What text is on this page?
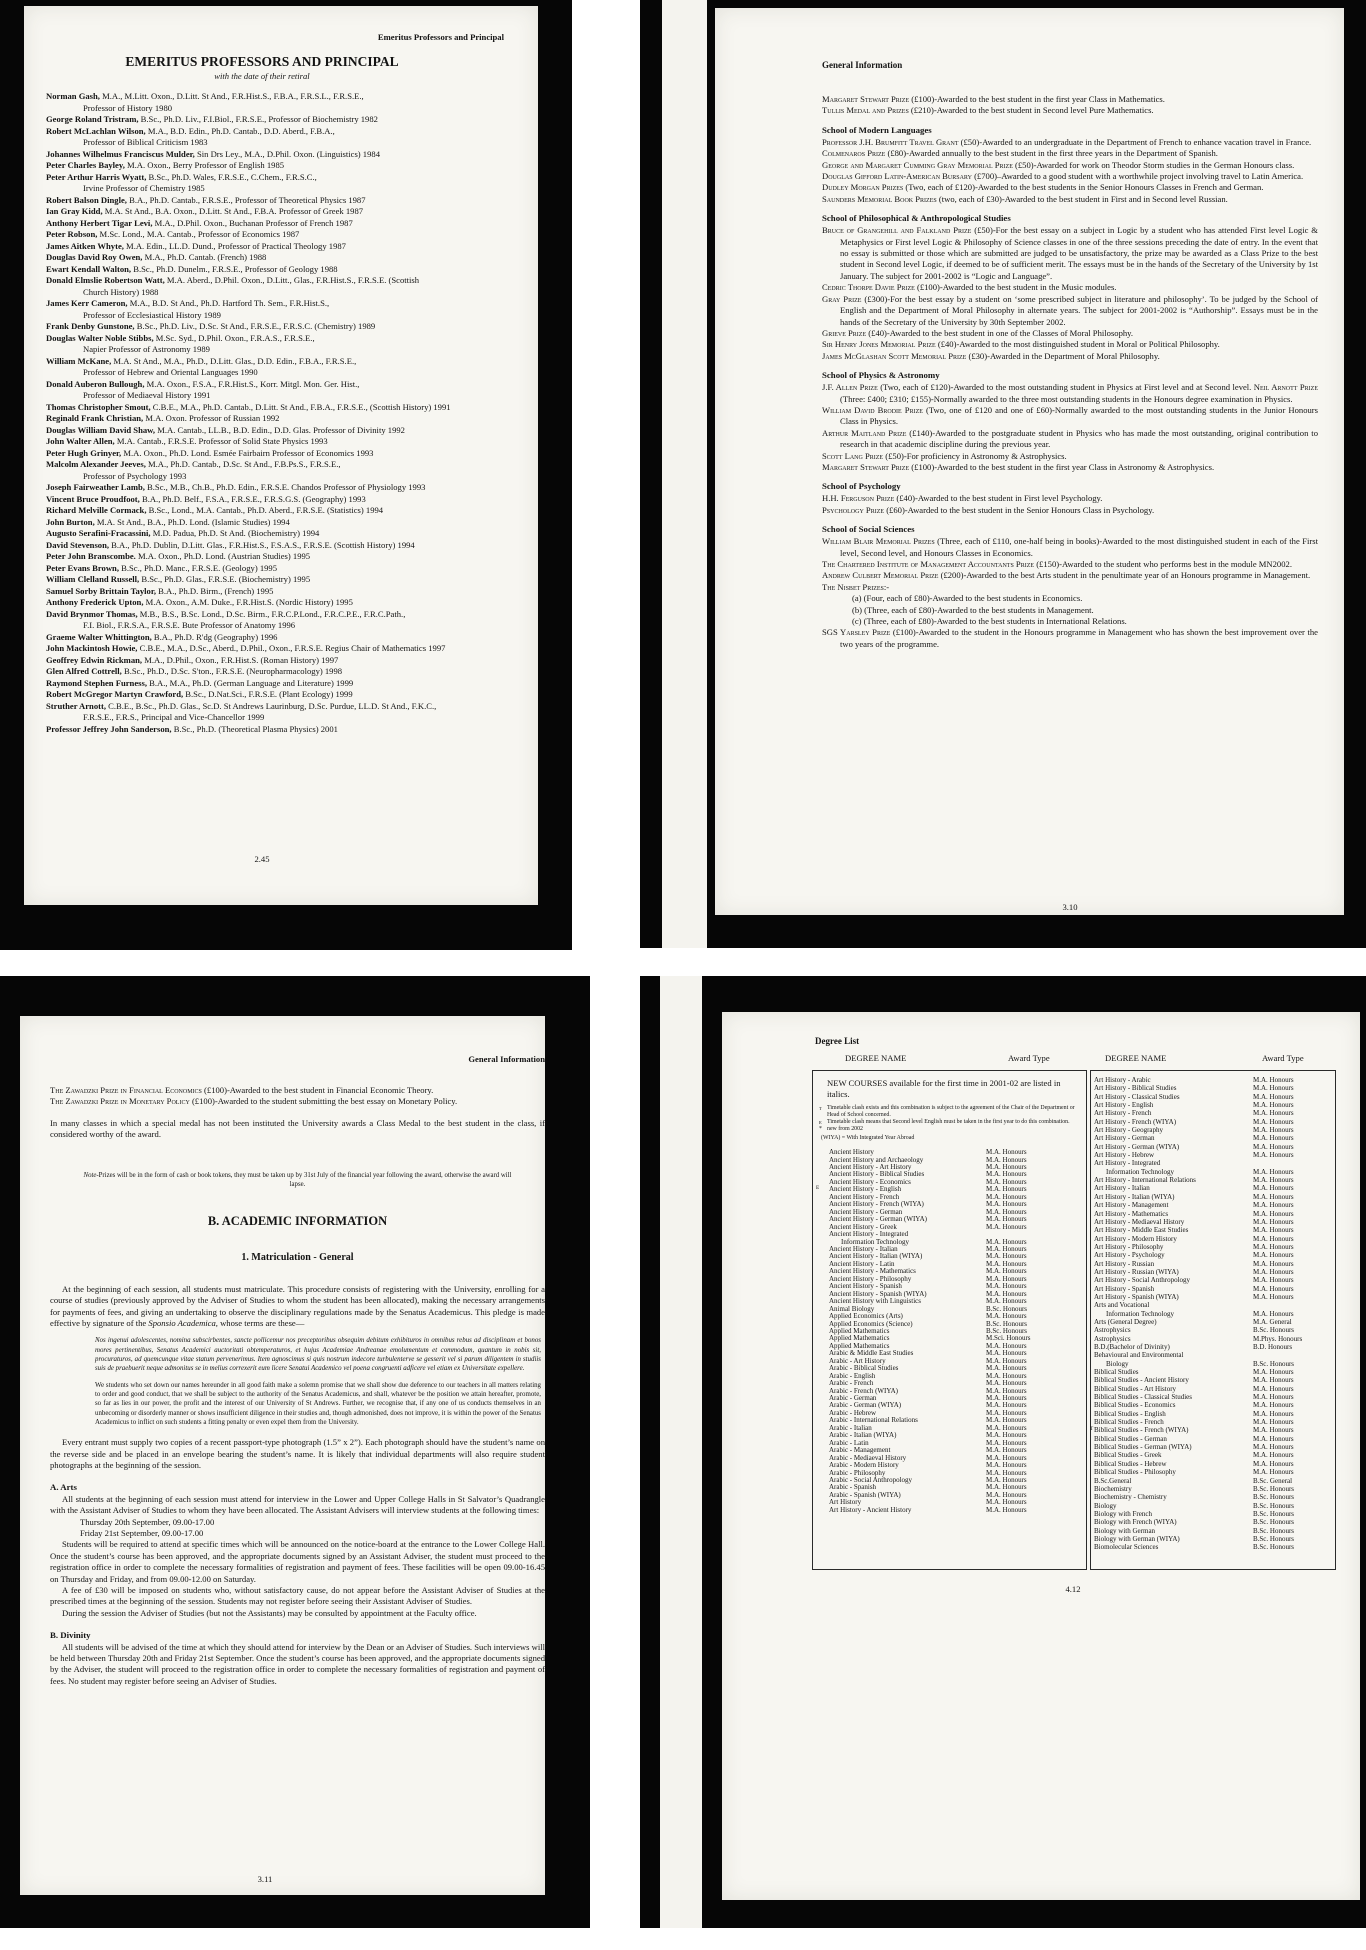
Emeritus Professors and Principal
EMERITUS PROFESSORS AND PRINCIPAL
with the date of their retiral
Norman Gash, M.A., M.Litt. Oxon., D.Litt. St And., F.R.Hist.S., F.B.A., F.R.S.L., F.R.S.E.,
Professor of History 1980
George Roland Tristram, B.Sc., Ph.D. Liv., F.I.Biol., F.R.S.E., Professor of Biochemistry 1982
Robert McLachlan Wilson, M.A., B.D. Edin., Ph.D. Cantab., D.D. Aberd., F.B.A.,
Professor of Biblical Criticism 1983
Johannes Wilhelmus Franciscus Mulder, Sin Drs Ley., M.A., D.Phil. Oxon. (Linguistics) 1984
Peter Charles Bayley, M.A. Oxon., Berry Professor of English 1985
Peter Arthur Harris Wyatt, B.Sc., Ph.D. Wales, F.R.S.E., C.Chem., F.R.S.C.,
Irvine Professor of Chemistry 1985
Robert Balson Dingle, B.A., Ph.D. Cantab., F.R.S.E., Professor of Theoretical Physics 1987
Ian Gray Kidd, M.A. St And., B.A. Oxon., D.Litt. St And., F.B.A. Professor of Greek 1987
Anthony Herbert Tigar Levi, M.A., D.Phil. Oxon., Buchanan Professor of French 1987
Peter Robson, M.Sc. Lond., M.A. Cantab., Professor of Economics 1987
James Aitken Whyte, M.A. Edin., LL.D. Dund., Professor of Practical Theology 1987
Douglas David Roy Owen, M.A., Ph.D. Cantab. (French) 1988
Ewart Kendall Walton, B.Sc., Ph.D. Dunelm., F.R.S.E., Professor of Geology 1988
Donald Elmslie Robertson Watt, M.A. Aberd., D.Phil. Oxon., D.Litt., Glas., F.R.Hist.S., F.R.S.E. (Scottish
Church History) 1988
James Kerr Cameron, M.A., B.D. St And., Ph.D. Hartford Th. Sem., F.R.Hist.S.,
Professor of Ecclesiastical History 1989
Frank Denby Gunstone, B.Sc., Ph.D. Liv., D.Sc. St And., F.R.S.E., F.R.S.C. (Chemistry) 1989
Douglas Walter Noble Stibbs, M.Sc. Syd., D.Phil. Oxon., F.R.A.S., F.R.S.E.,
Napier Professor of Astronomy 1989
William McKane, M.A. St And., M.A., Ph.D., D.Litt. Glas., D.D. Edin., F.B.A., F.R.S.E.,
Professor of Hebrew and Oriental Languages 1990
Donald Auberon Bullough, M.A. Oxon., F.S.A., F.R.Hist.S., Korr. Mitgl. Mon. Ger. Hist.,
Professor of Mediaeval History 1991
Thomas Christopher Smout, C.B.E., M.A., Ph.D. Cantab., D.Litt. St And., F.B.A., F.R.S.E., (Scottish History) 1991
Reginald Frank Christian, M.A. Oxon. Professor of Russian 1992
Douglas William David Shaw, M.A. Cantab., LL.B., B.D. Edin., D.D. Glas. Professor of Divinity 1992
John Walter Allen, M.A. Cantab., F.R.S.E. Professor of Solid State Physics 1993
Peter Hugh Grinyer, M.A. Oxon., Ph.D. Lond. Esmée Fairbairn Professor of Economics 1993
Malcolm Alexander Jeeves, M.A., Ph.D. Cantab., D.Sc. St And., F.B.Ps.S., F.R.S.E.,
Professor of Psychology 1993
Joseph Fairweather Lamb, B.Sc., M.B., Ch.B., Ph.D. Edin., F.R.S.E. Chandos Professor of Physiology 1993
Vincent Bruce Proudfoot, B.A., Ph.D. Belf., F.S.A., F.R.S.E., F.R.S.G.S. (Geography) 1993
Richard Melville Cormack, B.Sc., Lond., M.A. Cantab., Ph.D. Aberd., F.R.S.E. (Statistics) 1994
John Burton, M.A. St And., B.A., Ph.D. Lond. (Islamic Studies) 1994
Augusto Serafini-Fracassini, M.D. Padua, Ph.D. St And. (Biochemistry) 1994
David Stevenson, B.A., Ph.D. Dublin, D.Litt. Glas., F.R.Hist.S., F.S.A.S., F.R.S.E. (Scottish History) 1994
Peter John Branscombe. M.A. Oxon., Ph.D. Lond. (Austrian Studies) 1995
Peter Evans Brown, B.Sc., Ph.D. Manc., F.R.S.E. (Geology) 1995
William Clelland Russell, B.Sc., Ph.D. Glas., F.R.S.E. (Biochemistry) 1995
Samuel Sorby Brittain Taylor, B.A., Ph.D. Birm., (French) 1995
Anthony Frederick Upton, M.A. Oxon., A.M. Duke., F.R.Hist.S. (Nordic History) 1995
David Brynmor Thomas, M.B., B.S., B.Sc. Lond., D.Sc. Birm., F.R.C.P.Lond., F.R.C.P.E., F.R.C.Path.,
F.I. Biol., F.R.S.A., F.R.S.E. Bute Professor of Anatomy 1996
Graeme Walter Whittington, B.A., Ph.D. R'dg (Geography) 1996
John Mackintosh Howie, C.B.E., M.A., D.Sc., Aberd., D.Phil., Oxon., F.R.S.E. Regius Chair of Mathematics 1997
Geoffrey Edwin Rickman, M.A., D.Phil., Oxon., F.R.Hist.S. (Roman History) 1997
Glen Alfred Cottrell, B.Sc., Ph.D., D.Sc. S'ton., F.R.S.E. (Neuropharmacology) 1998
Raymond Stephen Furness, B.A., M.A., Ph.D. (German Language and Literature) 1999
Robert McGregor Martyn Crawford, B.Sc., D.Nat.Sci., F.R.S.E. (Plant Ecology) 1999
Struther Arnott, C.B.E., B.Sc., Ph.D. Glas., Sc.D. St Andrews Laurinburg, D.Sc. Purdue, LL.D. St And., F.K.C.,
F.R.S.E., F.R.S., Principal and Vice-Chancellor 1999
Professor Jeffrey John Sanderson, B.Sc., Ph.D. (Theoretical Plasma Physics) 2001
2.45
General Information

Margaret Stewart Prize (£100)-Awarded to the best student in the first year Class in Mathematics.

Tullis Medal and Prizes (£210)-Awarded to the best student in Second level Pure Mathematics.

School of Modern Languages

Professor J.H. Brumfitt Travel Grant (£50)-Awarded to an undergraduate in the Department of French to enhance vacation travel in France.

Colmenaros Prize (£80)-Awarded annually to the best student in the first three years in the Department of Spanish.

George and Margaret Cumming Gray Memorial Prize (£50)-Awarded for work on Theodor Storm studies in the German Honours class.

Douglas Gifford Latin-American Bursary (£700)–Awarded to a good student with a worthwhile project involving travel to Latin America.

Dudley Morgan Prizes (Two, each of £120)-Awarded to the best students in the Senior Honours Classes in French and German.

Saunders Memorial Book Prizes (two, each of £30)-Awarded to the best student in First and in Second level Russian.

School of Philosophical & Anthropological Studies

Bruce of Grangehill and Falkland Prize (£50)-For the best essay on a subject in Logic by a student who has attended First level Logic & Metaphysics or First level Logic & Philosophy of Science classes in one of the three sessions preceding the date of entry. In the event that no essay is submitted or those which are submitted are judged to be unsatisfactory, the prize may be awarded as a Class Prize to the best student in Second level Logic, if deemed to be of sufficient merit. The essays must be in the hands of the Secretary of the University by 1st January. The subject for 2001-2002 is “Logic and Language”.

Cedric Thorpe Davie Prize (£100)-Awarded to the best student in the Music modules.

Gray Prize (£300)-For the best essay by a student on ‘some prescribed subject in literature and philosophy’. To be judged by the School of English and the Department of Moral Philosophy in alternate years. The subject for 2001-2002 is “Authorship”. Essays must be in the hands of the Secretary of the University by 30th September 2002.

Grieve Prize (£40)-Awarded to the best student in one of the Classes of Moral Philosophy.

Sir Henry Jones Memorial Prize (£40)-Awarded to the most distinguished student in Moral or Political Philosophy.

James McGlashan Scott Memorial Prize (£30)-Awarded in the Department of Moral Philosophy.

School of Physics & Astronomy

J.F. Allen Prize (Two, each of £120)-Awarded to the most outstanding student in Physics at First level and at Second level. Neil Arnott Prize (Three: £400; £310; £155)-Normally awarded to the three most outstanding students in the Honours degree examination in Physics.

William David Brodie Prize (Two, one of £120 and one of £60)-Normally awarded to the most outstanding students in the Junior Honours Class in Physics.

Arthur Maitland Prize (£140)-Awarded to the postgraduate student in Physics who has made the most outstanding, original contribution to research in that academic discipline during the previous year.

Scott Lang Prize (£50)-For proficiency in Astronomy & Astrophysics.

Margaret Stewart Prize (£100)-Awarded to the best student in the first year Class in Astronomy & Astrophysics.

School of Psychology

H.H. Ferguson Prize (£40)-Awarded to the best student in First level Psychology.

Psychology Prize (£60)-Awarded to the best student in the Senior Honours Class in Psychology.

School of Social Sciences

William Blair Memorial Prizes (Three, each of £110, one-half being in books)-Awarded to the most distinguished student in each of the First level, Second level, and Honours Classes in Economics.

The Chartered Institute of Management Accountants Prize (£150)-Awarded to the student who performs best in the module MN2002.

Andrew Culbert Memorial Prize (£200)-Awarded to the best Arts student in the penultimate year of an Honours programme in Management.

The Nisbet Prizes:-

(a) (Four, each of £80)-Awarded to the best students in Economics.
(b) (Three, each of £80)-Awarded to the best students in Management.
(c) (Three, each of £80)-Awarded to the best students in International Relations.

SGS Yarsley Prize (£100)-Awarded to the student in the Honours programme in Management who has shown the best improvement over the two years of the programme.

3.10
General Information

The Zawadzki Prize in Financial Economics (£100)-Awarded to the best student in Financial Economic Theory.

The Zawadzki Prize in Monetary Policy (£100)-Awarded to the student submitting the best essay on Monetary Policy.

In many classes in which a special medal has not been instituted the University awards a Class Medal to the best student in the class, if considered worthy of the award.

Note-Prizes will be in the form of cash or book tokens, they must be taken up by 31st July of the financial year following the award, otherwise the award will lapse.

B. ACADEMIC INFORMATION
1. Matriculation - General

At the beginning of each session, all students must matriculate. This procedure consists of registering with the University, enrolling for a course of studies (previously approved by the Adviser of Studies to whom the student has been allocated), making the necessary arrangements for payments of fees, and giving an undertaking to observe the disciplinary regulations made by the Senatus Academicus. This pledge is made effective by signature of the Sponsio Academica, whose terms are these—

Nos ingenui adolescentes, nomina subscirbentes, sancte pollicemur nos preceptoribus obsequim debitum exhibituros in omnibus rebus ad disciplinam et bonos mores pertinentibus, Senatus Academici auctoritati obtemperaturos, et hujus Academiae Andreanae emolumentum et commodum, quantum in nobis sit, procuraturos, ad quemcunque vitae statum pervenerimus. Item agnoscimus si quis nostrum indecore turbulenterve se gesserit vel si parum diligentem in studiis suis de praebuerit neque admonitus se in melius correxerit eum licere Senatui Academico vel poena congruenti adficere vel etiam ex Universitate expellere.

We students who set down our names hereunder in all good faith make a solemn promise that we shall show due deference to our teachers in all matters relating to order and good conduct, that we shall be subject to the authority of the Senatus Academicus, and shall, whatever be the position we attain hereafter, promote, so far as lies in our power, the profit and the interest of our University of St Andrews. Further, we recognise that, if any one of us conducts themselves in an unbecoming or disorderly manner or shows insufficient diligence in their studies and, though admonished, does not improve, it is within the power of the Senatus Academicus to inflict on such students a fitting penalty or even expel them from the University.

Every entrant must supply two copies of a recent passport-type photograph (1.5” x 2”). Each photograph should have the student’s name on the reverse side and be placed in an envelope bearing the student’s name. It is likely that individual departments will also require student photographs at the beginning of the session.

A. Arts

All students at the beginning of each session must attend for interview in the Lower and Upper College Halls in St Salvator’s Quadrangle with the Assistant Adviser of Studies to whom they have been allocated. The Assistant Advisers will interview students at the following times:

Thursday 20th September, 09.00-17.00
Friday 21st September, 09.00-17.00

Students will be required to attend at specific times which will be announced on the notice-board at the entrance to the Lower College Hall. Once the student’s course has been approved, and the appropriate documents signed by an Assistant Adviser, the student must proceed to the registration office in order to complete the necessary formalities of registration and payment of fees. These facilities will be open 09.00-16.45 on Thursday and Friday, and from 09.00-12.00 on Saturday.

A fee of £30 will be imposed on students who, without satisfactory cause, do not appear before the Assistant Adviser of Studies at the prescribed times at the beginning of the session. Students may not register before seeing their Assistant Adviser of Studies.

During the session the Adviser of Studies (but not the Assistants) may be consulted by appointment at the Faculty office.

B. Divinity

All students will be advised of the time at which they should attend for interview by the Dean or an Adviser of Studies. Such interviews will be held between Thursday 20th and Friday 21st September. Once the student’s course has been approved, and the appropriate documents signed by the Adviser, the student will proceed to the registration office in order to complete the necessary formalities of registration and payment of fees. No student may register before seeing an Adviser of Studies.

3.11
Degree List
DEGREE NAME	Award Type	DEGREE NAME	Award Type
NEW COURSES available for the first time in 2001-02 are listed in italics.
T Timetable clash exists and this combination is subject to the agreement of the Chair of the Department or Head of School concerned.
E Timetable clash means that Second level English must be taken in the first year to do this combination.
* new from 2002
(WIYA) = With Integrated Year Abroad
Ancient History	M.A. Honours
Ancient History and Archaeology	M.A. Honours
Ancient History - Art History	M.A. Honours
Ancient History - Biblical Studies	M.A. Honours
Ancient History - Economics	M.A. Honours
E Ancient History - English	M.A. Honours
Ancient History - French	M.A. Honours
Ancient History - French (WIYA)	M.A. Honours
Ancient History - German	M.A. Honours
Ancient History - German (WIYA)	M.A. Honours
Ancient History - Greek	M.A. Honours
Ancient History - Integrated
Information Technology	M.A. Honours
Ancient History - Italian	M.A. Honours
Ancient History - Italian (WIYA)	M.A. Honours
Ancient History - Latin	M.A. Honours
Ancient History - Mathematics	M.A. Honours
Ancient History - Philosophy	M.A. Honours
Ancient History - Spanish	M.A. Honours
Ancient History - Spanish (WIYA)	M.A. Honours
Ancient History with Linguistics	M.A. Honours
Animal Biology	B.Sc. Honours
Applied Economics (Arts)	M.A. Honours
Applied Economics (Science)	B.Sc. Honours
Applied Mathematics	B.Sc. Honours
Applied Mathematics	M.Sci. Honours
Applied Mathematics	M.A. Honours
Arabic & Middle East Studies	M.A. Honours
Arabic - Art History	M.A. Honours
Arabic - Biblical Studies	M.A. Honours
Arabic - English	M.A. Honours
Arabic - French	M.A. Honours
Arabic - French (WIYA)	M.A. Honours
Arabic - German	M.A. Honours
Arabic - German (WIYA)	M.A. Honours
Arabic - Hebrew	M.A. Honours
Arabic - International Relations	M.A. Honours
Arabic - Italian	M.A. Honours
Arabic - Italian (WIYA)	M.A. Honours
Arabic - Latin	M.A. Honours
Arabic - Management	M.A. Honours
Arabic - Mediaeval History	M.A. Honours
Arabic - Modern History	M.A. Honours
Arabic - Philosophy	M.A. Honours
Arabic - Social Anthropology	M.A. Honours
Arabic - Spanish	M.A. Honours
Arabic - Spanish (WIYA)	M.A. Honours
Art History	M.A. Honours
Art History - Ancient History	M.A. Honours
Art History - Arabic	M.A. Honours
Art History - Biblical Studies	M.A. Honours
Art History - Classical Studies	M.A. Honours
Art History - English	M.A. Honours
Art History - French	M.A. Honours
Art History - French (WIYA)	M.A. Honours
Art History - Geography	M.A. Honours
Art History - German	M.A. Honours
Art History - German (WIYA)	M.A. Honours
Art History - Hebrew	M.A. Honours
Art History - Integrated
Information Technology	M.A. Honours
Art History - International Relations	M.A. Honours
Art History - Italian	M.A. Honours
Art History - Italian (WIYA)	M.A. Honours
Art History - Management	M.A. Honours
Art History - Mathematics	M.A. Honours
Art History - Mediaeval History	M.A. Honours
Art History - Middle East Studies	M.A. Honours
Art History - Modern History	M.A. Honours
Art History - Philosophy	M.A. Honours
Art History - Psychology	M.A. Honours
Art History - Russian	M.A. Honours
Art History - Russian (WIYA)	M.A. Honours
Art History - Social Anthropology	M.A. Honours
Art History - Spanish	M.A. Honours
Art History - Spanish (WIYA)	M.A. Honours
Arts and Vocational
Information Technology	M.A. Honours
Arts (General Degree)	M.A. General
Astrophysics	B.Sc. Honours
Astrophysics	M.Phys. Honours
B.D.(Bachelor of Divinity)	B.D. Honours
Behavioural and Environmental
Biology	B.Sc. Honours
Biblical Studies	M.A. Honours
Biblical Studies - Ancient History	M.A. Honours
Biblical Studies - Art History	M.A. Honours
Biblical Studies - Classical Studies	M.A. Honours
Biblical Studies - Economics	M.A. Honours
Biblical Studies - English	M.A. Honours
Biblical Studies - French	M.A. Honours
T Biblical Studies - French (WIYA)	M.A. Honours
Biblical Studies - German	M.A. Honours
Biblical Studies - German (WIYA)	M.A. Honours
Biblical Studies - Greek	M.A. Honours
Biblical Studies - Hebrew	M.A. Honours
Biblical Studies - Philosophy	M.A. Honours
B.Sc.General	B.Sc. General
Biochemistry	B.Sc. Honours
Biochemistry - Chemistry	B.Sc. Honours
Biology	B.Sc. Honours
Biology with French	B.Sc. Honours
Biology with French (WIYA)	B.Sc. Honours
Biology with German	B.Sc. Honours
Biology with German (WIYA)	B.Sc. Honours
Biomolecular Sciences	B.Sc. Honours
4.12
